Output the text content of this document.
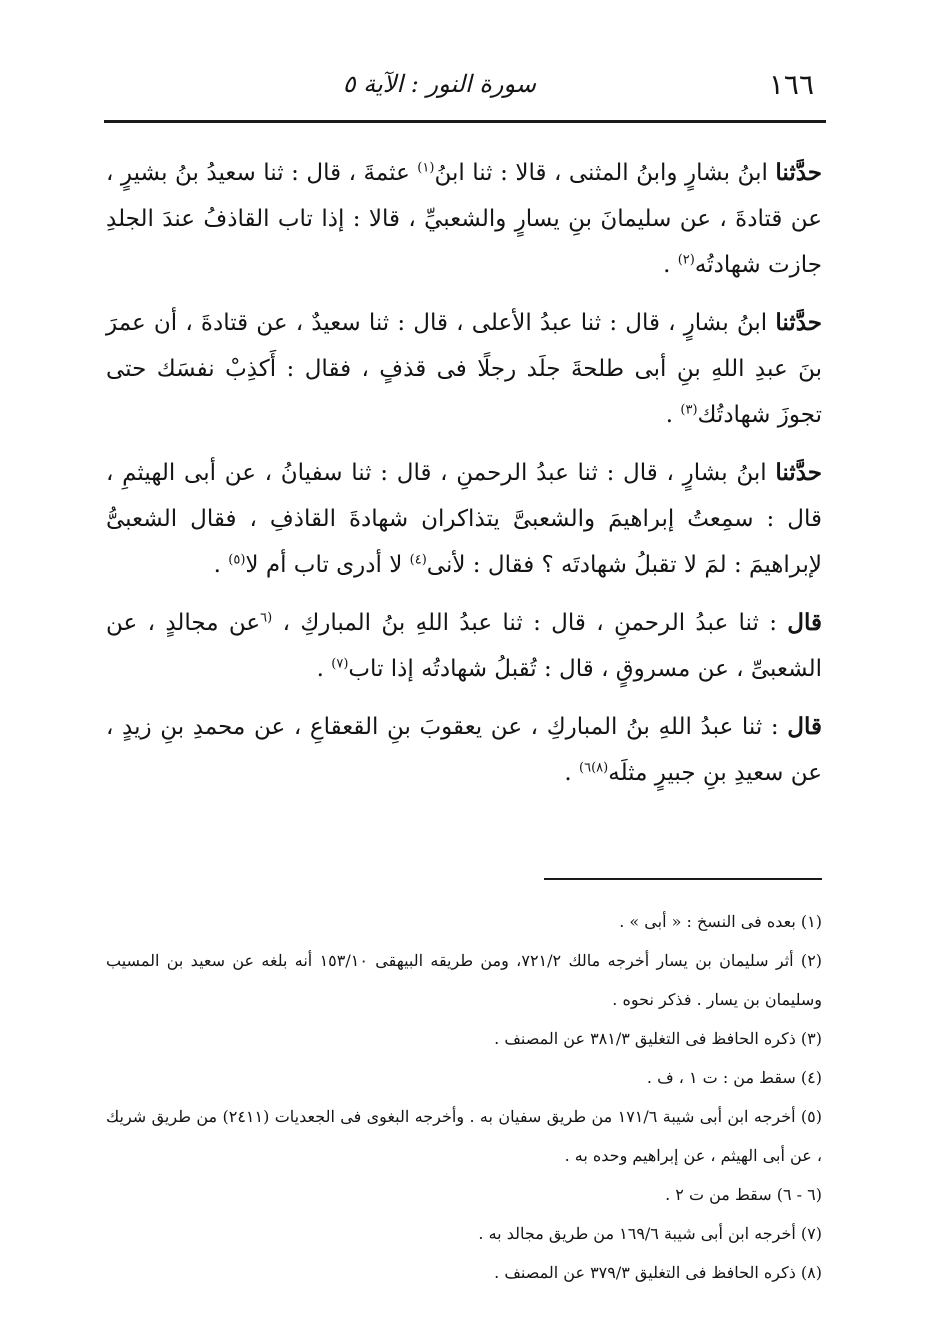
١٦٦
سورة النور : الآية ٥

حدَّثنا ابنُ بشارٍ وابنُ المثنى ، قالا : ثنا ابنُ$^{(١)}$ عثمةَ ، قال : ثنا سعيدُ بنُ بشيرٍ ، عن قتادةَ ، عن سليمانَ بنِ يسارٍ والشعبيِّ ، قالا : إذا تاب القاذفُ عندَ الجلدِ جازت شهادتُه$^{(٢)}$ .

حدَّثنا ابنُ بشارٍ ، قال : ثنا عبدُ الأعلى ، قال : ثنا سعيدٌ ، عن قتادةَ ، أن عمرَ بنَ عبدِ اللهِ بنِ أبى طلحةَ جلَد رجلًا فى قذفٍ ، فقال : أَكذِبْ نفسَك حتى تجوزَ شهادتُك$^{(٣)}$ .

حدَّثنا ابنُ بشارٍ ، قال : ثنا عبدُ الرحمنِ ، قال : ثنا سفيانُ ، عن أبى الهيثمِ ، قال : سمِعتُ إبراهيمَ والشعبىَّ يتذاكران شهادةَ القاذفِ ، فقال الشعبىُّ لإبراهيمَ : لمَ لا تقبلُ شهادتَه ؟ فقال : لأنى$^{(٤)}$ لا أدرى تاب أم لا$^{(٥)}$ .

قال : ثنا عبدُ الرحمنِ ، قال : ثنا عبدُ اللهِ بنُ المباركِ ، $^{(٦}$عن مجالدٍ ، عن الشعبىِّ ، عن مسروقٍ ، قال : تُقبلُ شهادتُه إذا تاب$^{(٧)}$ .

قال : ثنا عبدُ اللهِ بنُ المباركِ ، عن يعقوبَ بنِ القعقاعِ ، عن محمدِ بنِ زيدٍ ، عن سعيدِ بنِ جبيرٍ مثلَه$^{(٨)٦)}$ .

(١) بعده فى النسخ : « أبى » .

(٢) أثر سليمان بن يسار أخرجه مالك ٧٢١/٢، ومن طريقه البيهقى ١٥٣/١٠ أنه بلغه عن سعيد بن المسيب وسليمان بن يسار . فذكر نحوه .

(٣) ذكره الحافظ فى التغليق ٣٨١/٣ عن المصنف .

(٤) سقط من : ت ١ ، ف .

(٥) أخرجه ابن أبى شيبة ١٧١/٦ من طريق سفيان به . وأخرجه البغوى فى الجعديات (٢٤١١) من طريق شريك ، عن أبى الهيثم ، عن إبراهيم وحده به .

(٦ - ٦) سقط من ت ٢ .

(٧) أخرجه ابن أبى شيبة ١٦٩/٦ من طريق مجالد به .

(٨) ذكره الحافظ فى التغليق ٣٧٩/٣ عن المصنف .
